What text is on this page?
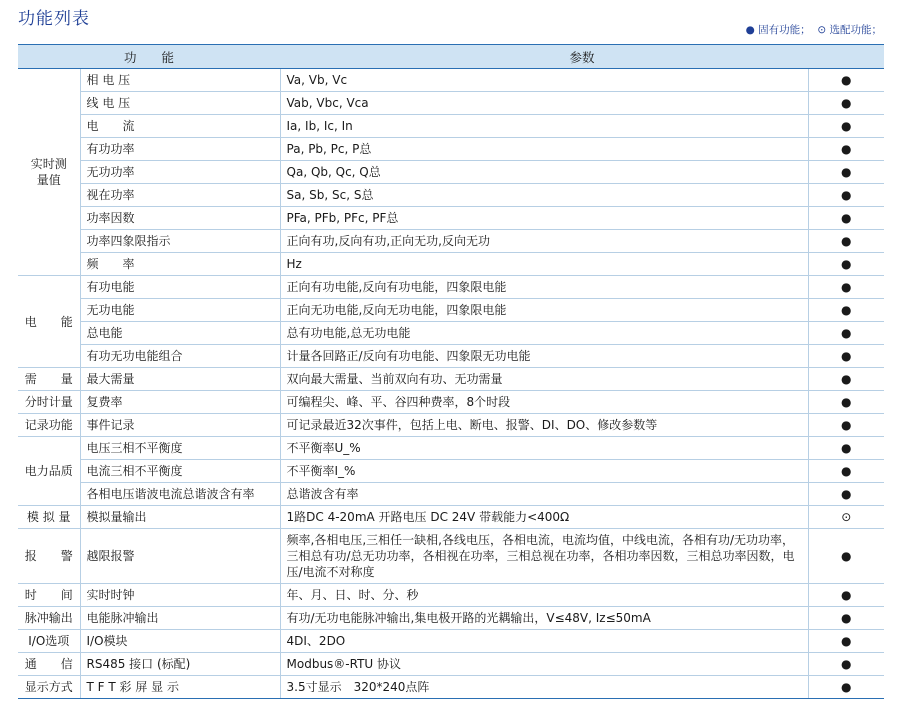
功能列表
● 固有功能； ⊙ 选配功能；
功　　能		参数	
实时测
量值	相 电 压	Va, Vb, Vc	●
	线 电 压	Vab, Vbc, Vca	●
	电　　流	Ia, Ib, Ic, In	●
	有功功率	Pa, Pb, Pc, P总	●
	无功功率	Qa, Qb, Qc, Q总	●
	视在功率	Sa, Sb, Sc, S总	●
	功率因数	PFa, PFb, PFc, PF总	●
	功率四象限指示	正向有功,反向有功,正向无功,反向无功	●
	频　　率	Hz	●
电　　能	有功电能	正向有功电能,反向有功电能，四象限电能	●
	无功电能	正向无功电能,反向无功电能，四象限电能	●
	总电能	总有功电能,总无功电能	●
	有功无功电能组合	计量各回路正/反向有功电能、四象限无功电能	●
需　　量	最大需量	双向最大需量、当前双向有功、无功需量	●
分时计量	复费率	可编程尖、峰、平、谷四种费率，8个时段	●
记录功能	事件记录	可记录最近32次事件，包括上电、断电、报警、DI、DO、修改参数等	●
电力品质	电压三相不平衡度	不平衡率U_%	●
	电流三相不平衡度	不平衡率I_%	●
	各相电压谐波电流总谐波含有率	总谐波含有率	●
模 拟 量	模拟量输出	1路DC 4-20mA 开路电压 DC 24V 带载能力<400Ω	⊙
报　　警	越限报警	频率,各相电压,三相任一缺相,各线电压，各相电流，电流均值，中线电流，各相有功/无功功率，三相总有功/总无功功率，各相视在功率，三相总视在功率，各相功率因数，三相总功率因数，电压/电流不对称度	●
时　　间	实时时钟	年、月、日、时、分、秒	●
脉冲输出	电能脉冲输出	有功/无功电能脉冲输出,集电极开路的光耦输出，V≤48V, Iz≤50mA	●
I/O选项	I/O模块	4DI、2DO	●
通　　信	RS485 接口 (标配)	Modbus®-RTU 协议	●
显示方式	T F T 彩 屏 显 示	3.5寸显示　320*240点阵	●
